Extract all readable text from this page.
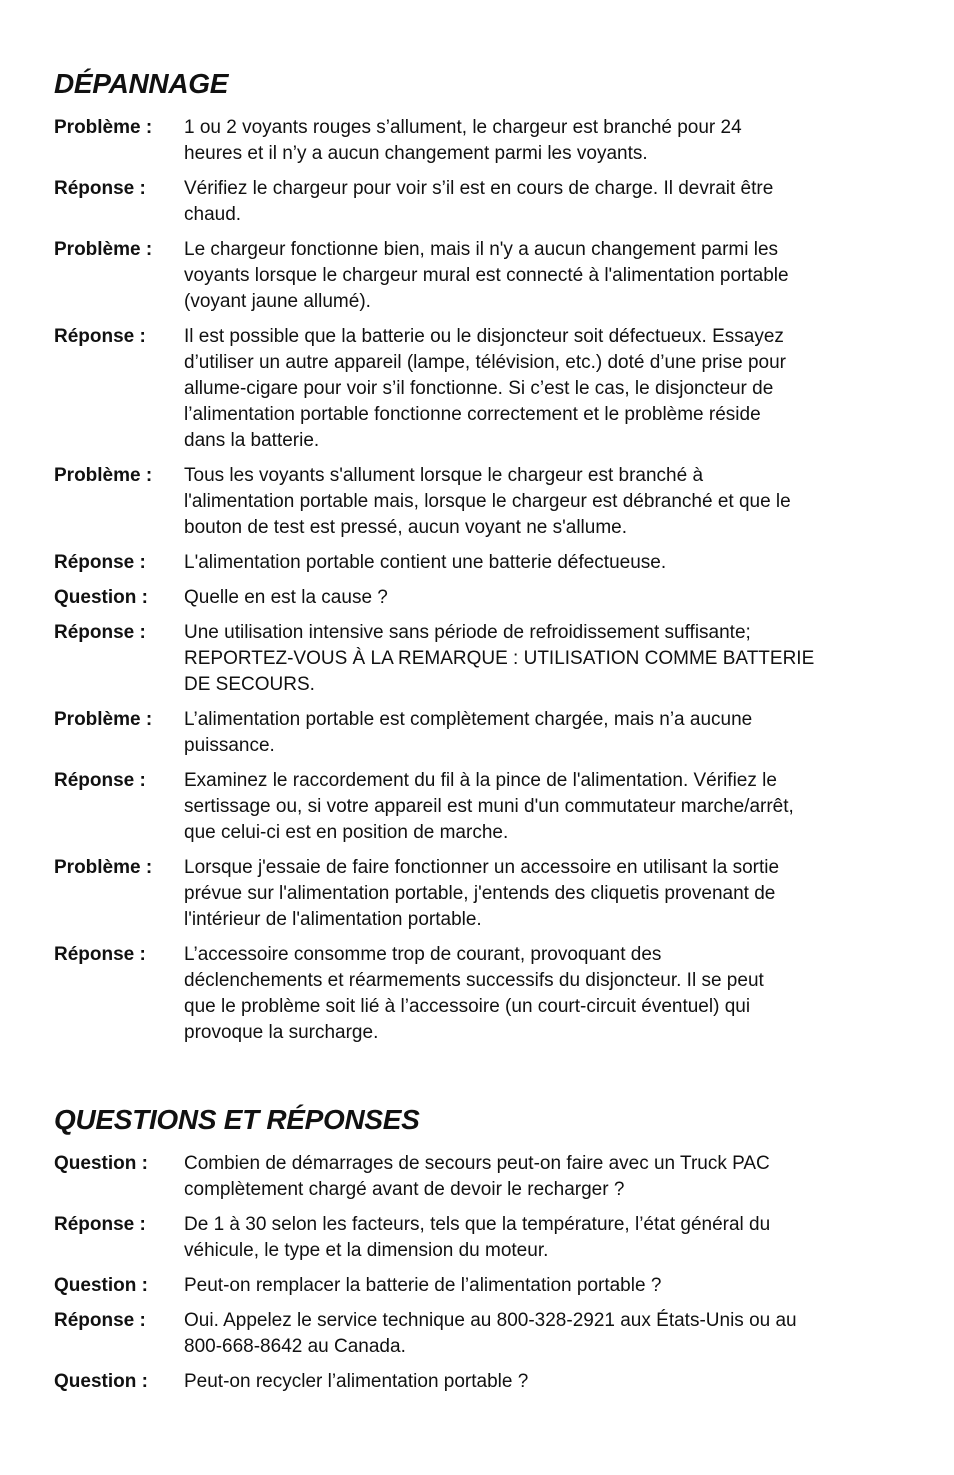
DÉPANNAGE
Problème :	1 ou 2 voyants rouges s’allument, le chargeur est branché pour 24
heures et il n’y a aucun changement parmi les voyants.
Réponse :	Vérifiez le chargeur pour voir s’il est en cours de charge. Il devrait être
chaud.
Problème :	Le chargeur fonctionne bien, mais il n'y a aucun changement parmi les
voyants lorsque le chargeur mural est connecté à l'alimentation portable
(voyant jaune allumé).
Réponse :	Il est possible que la batterie ou le disjoncteur soit défectueux. Essayez
d’utiliser un autre appareil (lampe, télévision, etc.) doté d’une prise pour
allume-cigare pour voir s’il fonctionne. Si c’est le cas, le disjoncteur de
l’alimentation portable fonctionne correctement et le problème réside
dans la batterie.
Problème :	Tous les voyants s'allument lorsque le chargeur est branché à
l'alimentation portable mais, lorsque le chargeur est débranché et que le
bouton de test est pressé, aucun voyant ne s'allume.
Réponse :	L'alimentation portable contient une batterie défectueuse.
Question :	Quelle en est la cause ?
Réponse :	Une utilisation intensive sans période de refroidissement suffisante;
REPORTEZ-VOUS À LA REMARQUE : UTILISATION COMME BATTERIE
DE SECOURS.
Problème :	L’alimentation portable est complètement chargée, mais n’a aucune
puissance.
Réponse :	Examinez le raccordement du fil à la pince de l'alimentation. Vérifiez le
sertissage ou, si votre appareil est muni d'un commutateur marche/arrêt,
que celui-ci est en position de marche.
Problème :	Lorsque j'essaie de faire fonctionner un accessoire en utilisant la sortie
prévue sur l'alimentation portable, j'entends des cliquetis provenant de
l'intérieur de l'alimentation portable.
Réponse :	L’accessoire consomme trop de courant, provoquant des
déclenchements et réarmements successifs du disjoncteur. Il se peut
que le problème soit lié à l’accessoire (un court-circuit éventuel) qui
provoque la surcharge.
QUESTIONS ET RÉPONSES
Question :	Combien de démarrages de secours peut-on faire avec un Truck PAC
complètement chargé avant de devoir le recharger ?
Réponse :	De 1 à 30 selon les facteurs, tels que la température, l’état général du
véhicule, le type et la dimension du moteur.
Question :	Peut-on remplacer la batterie de l’alimentation portable ?
Réponse :	Oui. Appelez le service technique au 800-328-2921 aux États-Unis ou au
800-668-8642 au Canada.
Question :	Peut-on recycler l’alimentation portable ?
